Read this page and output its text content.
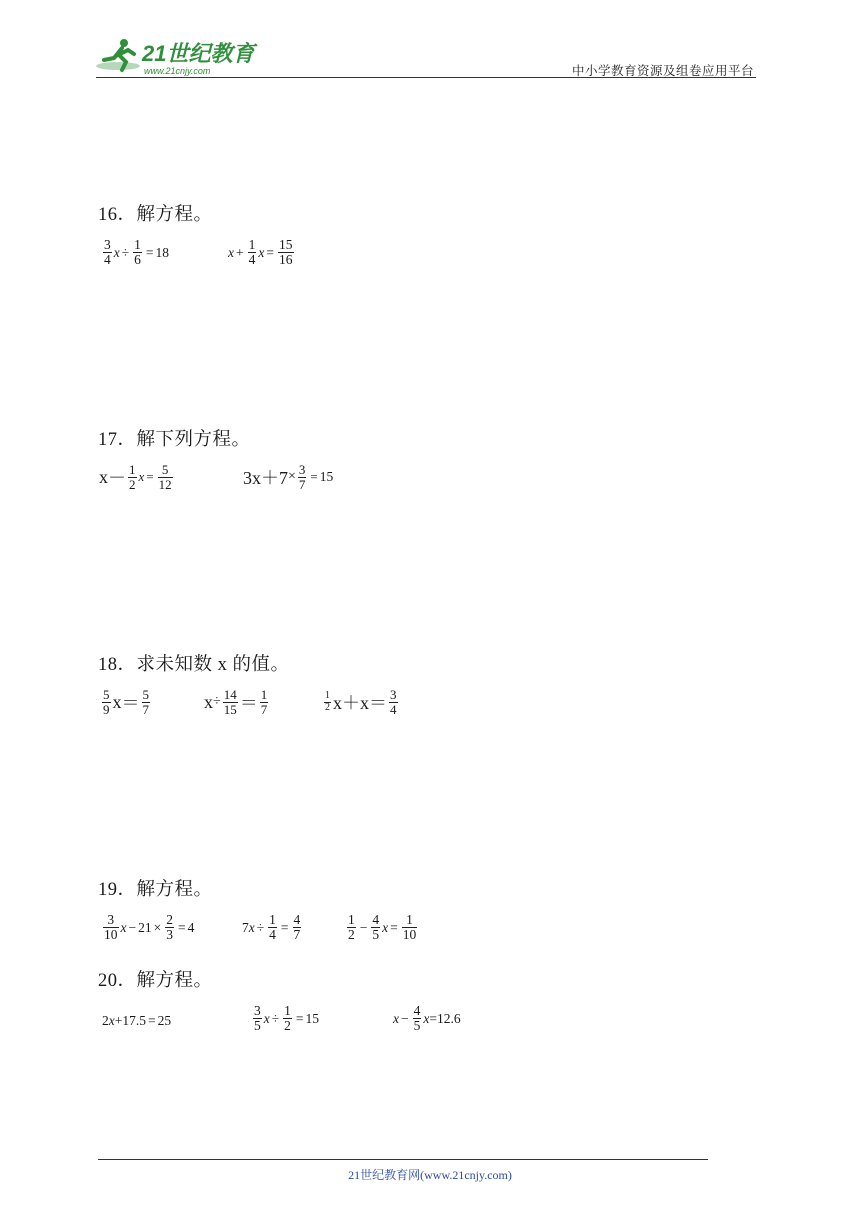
21世纪教育
www.21cnjy.com	中小学教育资源及组卷应用平台
16．解方程。
$\frac{3}{4}$ $x \div \frac{1}{6} = 18$	$x + \frac{1}{4}$ $x = \frac{15}{16}$
17．解下列方程。
$x - \frac{1}{2}$ $x = \frac{5}{12}$	$3x+7 \times \frac{3}{7} = 15$
18．求未知数 x 的值。
$\frac{5}{9}$ $x = \frac{5}{7}$	$x \div \frac{14}{15} = \frac{1}{7}$	$\frac{1}{2} x+x = \frac{3}{4}$
19．解方程。
$\frac{3}{10}$ $x - 21 \times \frac{2}{3} = 4$	7 $x \div \frac{1}{4} = \frac{4}{7}$	$\frac{1}{2} - \frac{4}{5}$ $x = \frac{1}{10}$
20．解方程。
2 x +17.5 = 25	$\frac{3}{5}$ $x \div \frac{1}{2} = 15$	$x - \frac{4}{5}$ x =12.6
21世纪教育网(www.21cnjy.com)
